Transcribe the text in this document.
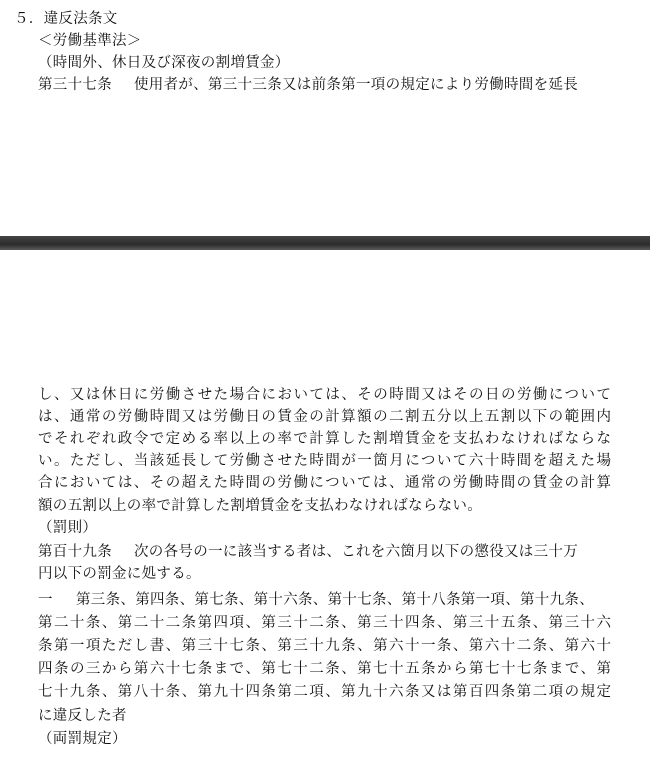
５．違反法条文
＜労働基準法＞
（時間外、休日及び深夜の割増賃金）
第三十七条 使用者が、第三十三条又は前条第一項の規定により労働時間を延長
し、又は休日に労働させた場合においては、その時間又はその日の労働について
は、通常の労働時間又は労働日の賃金の計算額の二割五分以上五割以下の範囲内
でそれぞれ政令で定める率以上の率で計算した割増賃金を支払わなければならな
い。ただし、当該延長して労働させた時間が一箇月について六十時間を超えた場
合においては、その超えた時間の労働については、通常の労働時間の賃金の計算
額の五割以上の率で計算した割増賃金を支払わなければならない。
（罰則）
第百十九条 次の各号の一に該当する者は、これを六箇月以下の懲役又は三十万
円以下の罰金に処する。
一 第三条、第四条、第七条、第十六条、第十七条、第十八条第一項、第十九条、
第二十条、第二十二条第四項、第三十二条、第三十四条、第三十五条、第三十六
条第一項ただし書、第三十七条、第三十九条、第六十一条、第六十二条、第六十
四条の三から第六十七条まで、第七十二条、第七十五条から第七十七条まで、第
七十九条、第八十条、第九十四条第二項、第九十六条又は第百四条第二項の規定
に違反した者
（両罰規定）
